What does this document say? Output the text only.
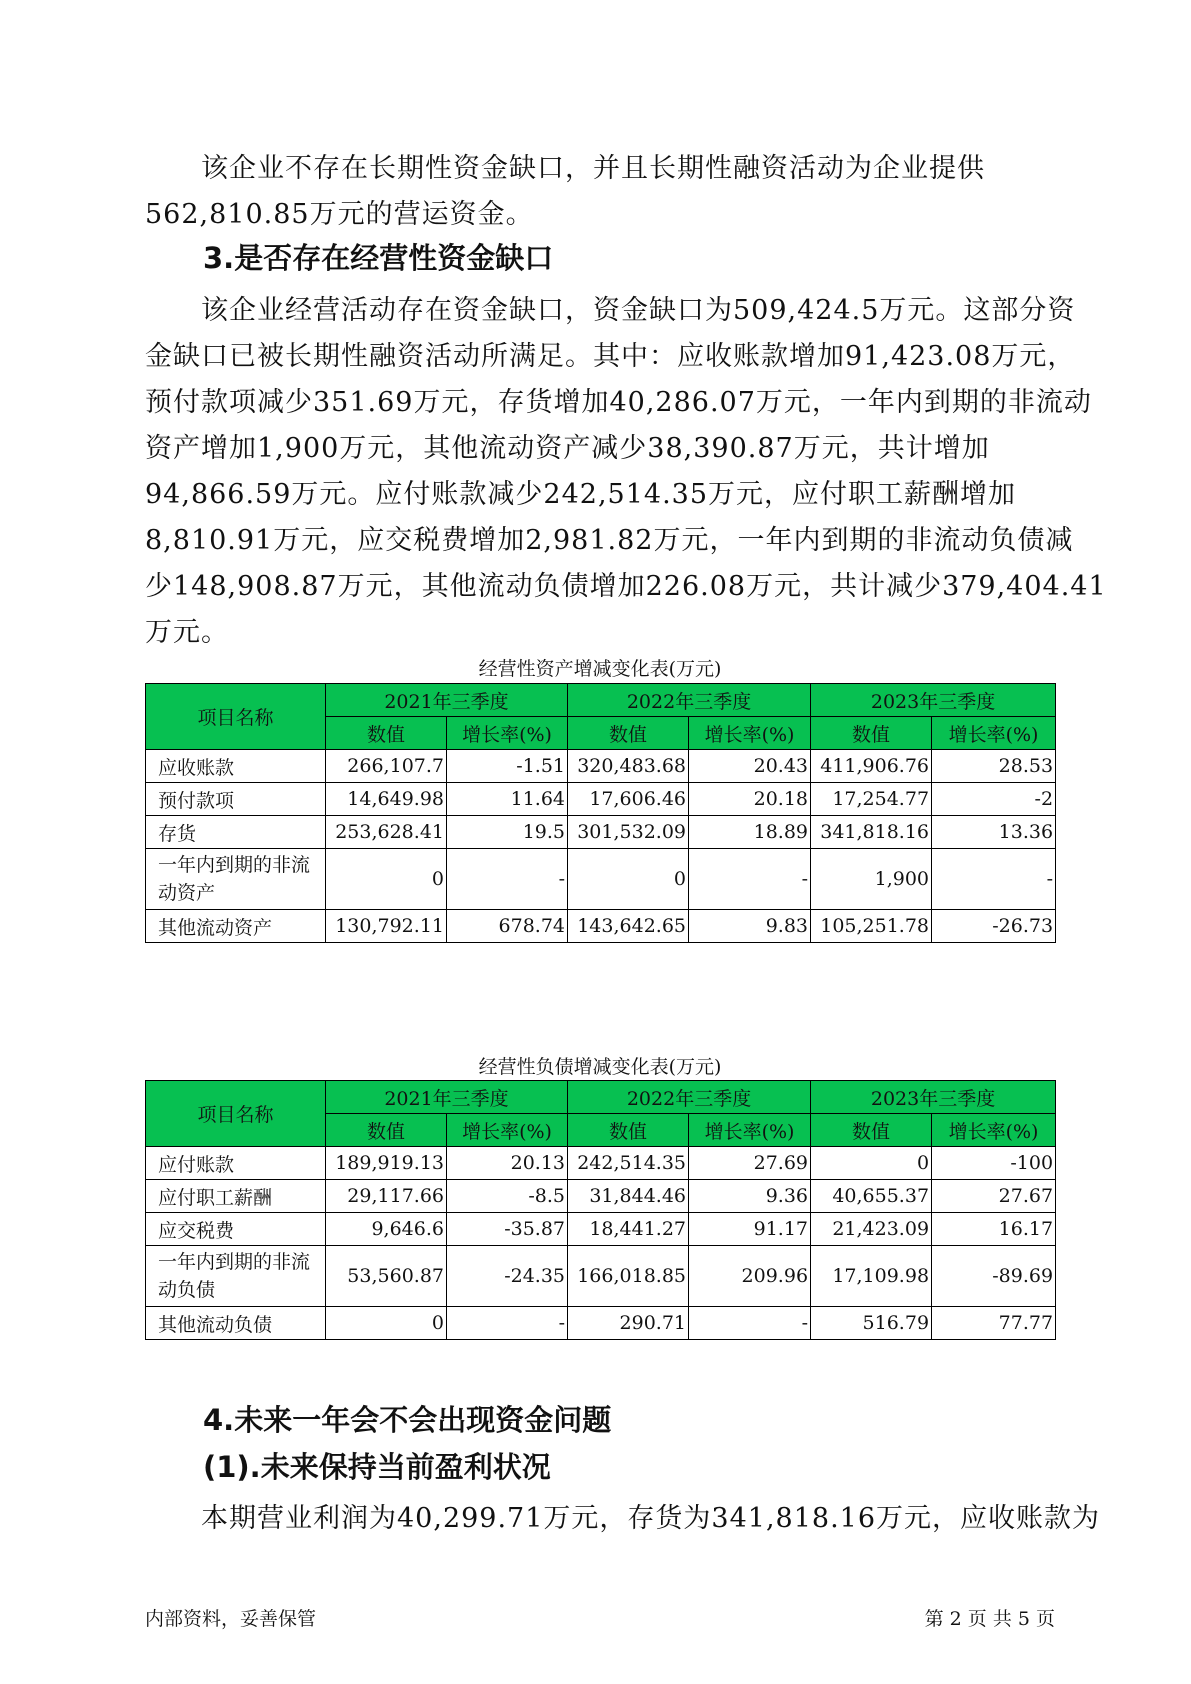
该企业不存在长期性资金缺口，并且长期性融资活动为企业提供
562,810.85万元的营运资金。
3.是否存在经营性资金缺口
该企业经营活动存在资金缺口，资金缺口为509,424.5万元。这部分资
金缺口已被长期性融资活动所满足。其中：应收账款增加91,423.08万元，
预付款项减少351.69万元，存货增加40,286.07万元，一年内到期的非流动
资产增加1,900万元，其他流动资产减少38,390.87万元，共计增加
94,866.59万元。应付账款减少242,514.35万元，应付职工薪酬增加
8,810.91万元，应交税费增加2,981.82万元，一年内到期的非流动负债减
少148,908.87万元，其他流动负债增加226.08万元，共计减少379,404.41
万元。
经营性资产增减变化表(万元)
项目名称	2021年三季度		2022年三季度		2023年三季度	
	数值	增长率(%)	数值	增长率(%)	数值	增长率(%)
应收账款	266,107.7	-1.51	320,483.68	20.43	411,906.76	28.53
预付款项	14,649.98	11.64	17,606.46	20.18	17,254.77	-2
存货	253,628.41	19.5	301,532.09	18.89	341,818.16	13.36

一年内到期的非流动资产	0	-	0	-	1,900	-
其他流动资产	130,792.11	678.74	143,642.65	9.83	105,251.78	-26.73
经营性负债增减变化表(万元)
项目名称	2021年三季度		2022年三季度		2023年三季度	
	数值	增长率(%)	数值	增长率(%)	数值	增长率(%)
应付账款	189,919.13	20.13	242,514.35	27.69	0	-100
应付职工薪酬	29,117.66	-8.5	31,844.46	9.36	40,655.37	27.67
应交税费	9,646.6	-35.87	18,441.27	91.17	21,423.09	16.17

一年内到期的非流动负债	53,560.87	-24.35	166,018.85	209.96	17,109.98	-89.69
其他流动负债	0	-	290.71	-	516.79	77.77
4.未来一年会不会出现资金问题
(1).未来保持当前盈利状况
本期营业利润为40,299.71万元，存货为341,818.16万元，应收账款为
内部资料，妥善保管	第 2 页 共 5 页
